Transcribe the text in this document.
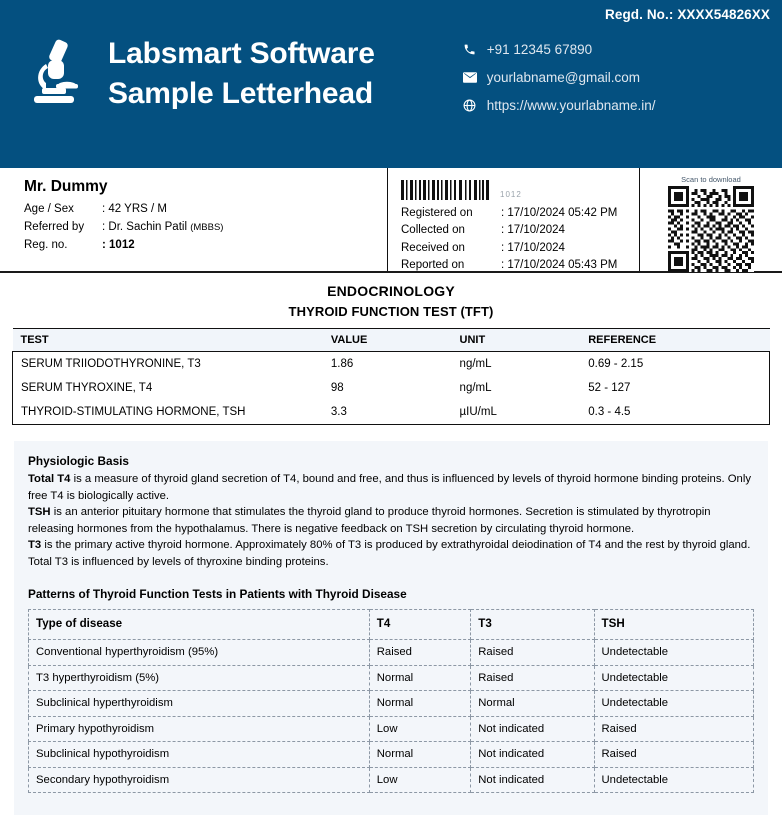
Regd. No.: XXXX54826XX
Labsmart Software
Sample Letterhead
+91 12345 67890
yourlabname@gmail.com
https://www.yourlabname.in/
Mr. Dummy
Age / Sex	: 42 YRS / M
Referred by	: Dr. Sachin Patil (MBBS)
Reg. no.	: 1012
1012
Registered on	: 17/10/2024 05:42 PM
Collected on	: 17/10/2024
Received on	: 17/10/2024
Reported on	: 17/10/2024 05:43 PM
Scan to download
ENDOCRINOLOGY
THYROID FUNCTION TEST (TFT)
TEST	VALUE	UNIT	REFERENCE
SERUM TRIIODOTHYRONINE, T3	1.86	ng/mL	0.69 - 2.15
SERUM THYROXINE, T4	98	ng/mL	52 - 127
THYROID-STIMULATING HORMONE, TSH	3.3	µIU/mL	0.3 - 4.5
Physiologic Basis

Total T4 is a measure of thyroid gland secretion of T4, bound and free, and thus is influenced by levels of thyroid hormone binding proteins. Only free T4 is biologically active.

TSH is an anterior pituitary hormone that stimulates the thyroid gland to produce thyroid hormones. Secretion is stimulated by thyrotropin releasing hormones from the hypothalamus. There is negative feedback on TSH secretion by circulating thyroid hormone.

T3 is the primary active thyroid hormone. Approximately 80% of T3 is produced by extrathyroidal deiodination of T4 and the rest by thyroid gland. Total T3 is influenced by levels of thyroxine binding proteins.

Patterns of Thyroid Function Tests in Patients with Thyroid Disease
Type of disease	T4	T3	TSH
Conventional hyperthyroidism (95%)	Raised	Raised	Undetectable
T3 hyperthyroidism (5%)	Normal	Raised	Undetectable
Subclinical hyperthyroidism	Normal	Normal	Undetectable
Primary hypothyroidism	Low	Not indicated	Raised
Subclinical hypothyroidism	Normal	Not indicated	Raised
Secondary hypothyroidism	Low	Not indicated	Undetectable
